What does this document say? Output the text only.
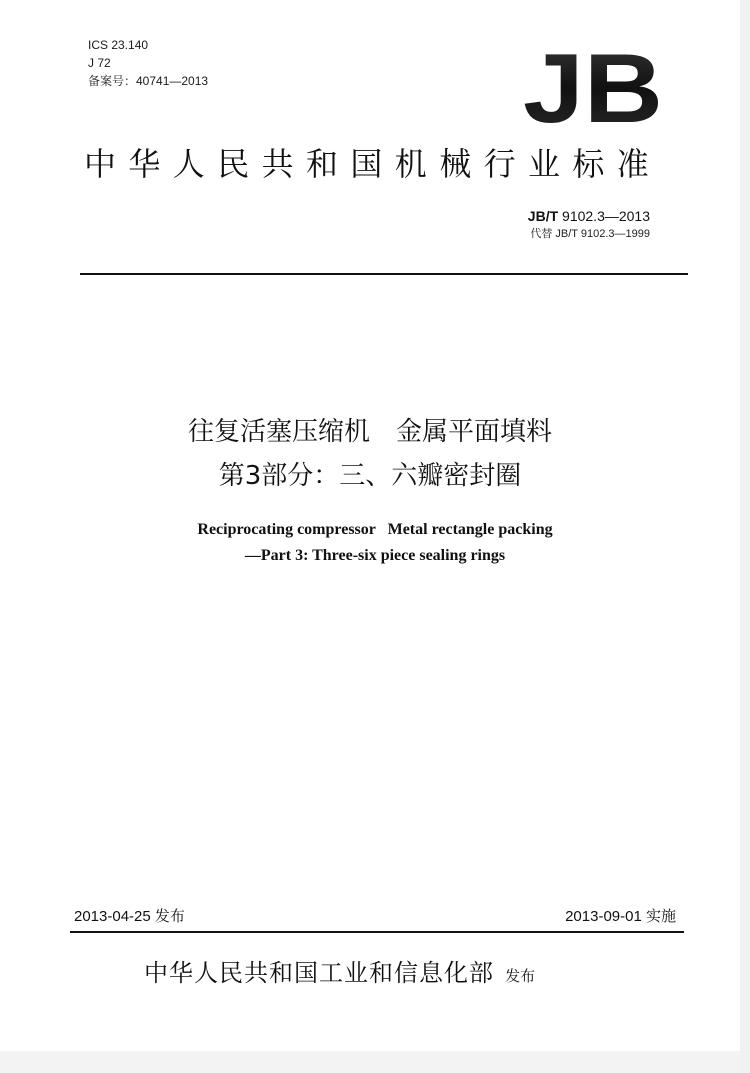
ICS 23.140
J 72
备案号：40741—2013	JB
中华人民共和国机械行业标准
JB/T 9102.3—2013
代替 JB/T 9102.3—1999
往复活塞压缩机　金属平面填料
第3部分：三、六瓣密封圈
Reciprocating compressor   Metal rectangle packing
—Part 3: Three-six piece sealing rings
2013-04-25 发布	2013-09-01 实施
中华人民共和国工业和信息化部 发布
